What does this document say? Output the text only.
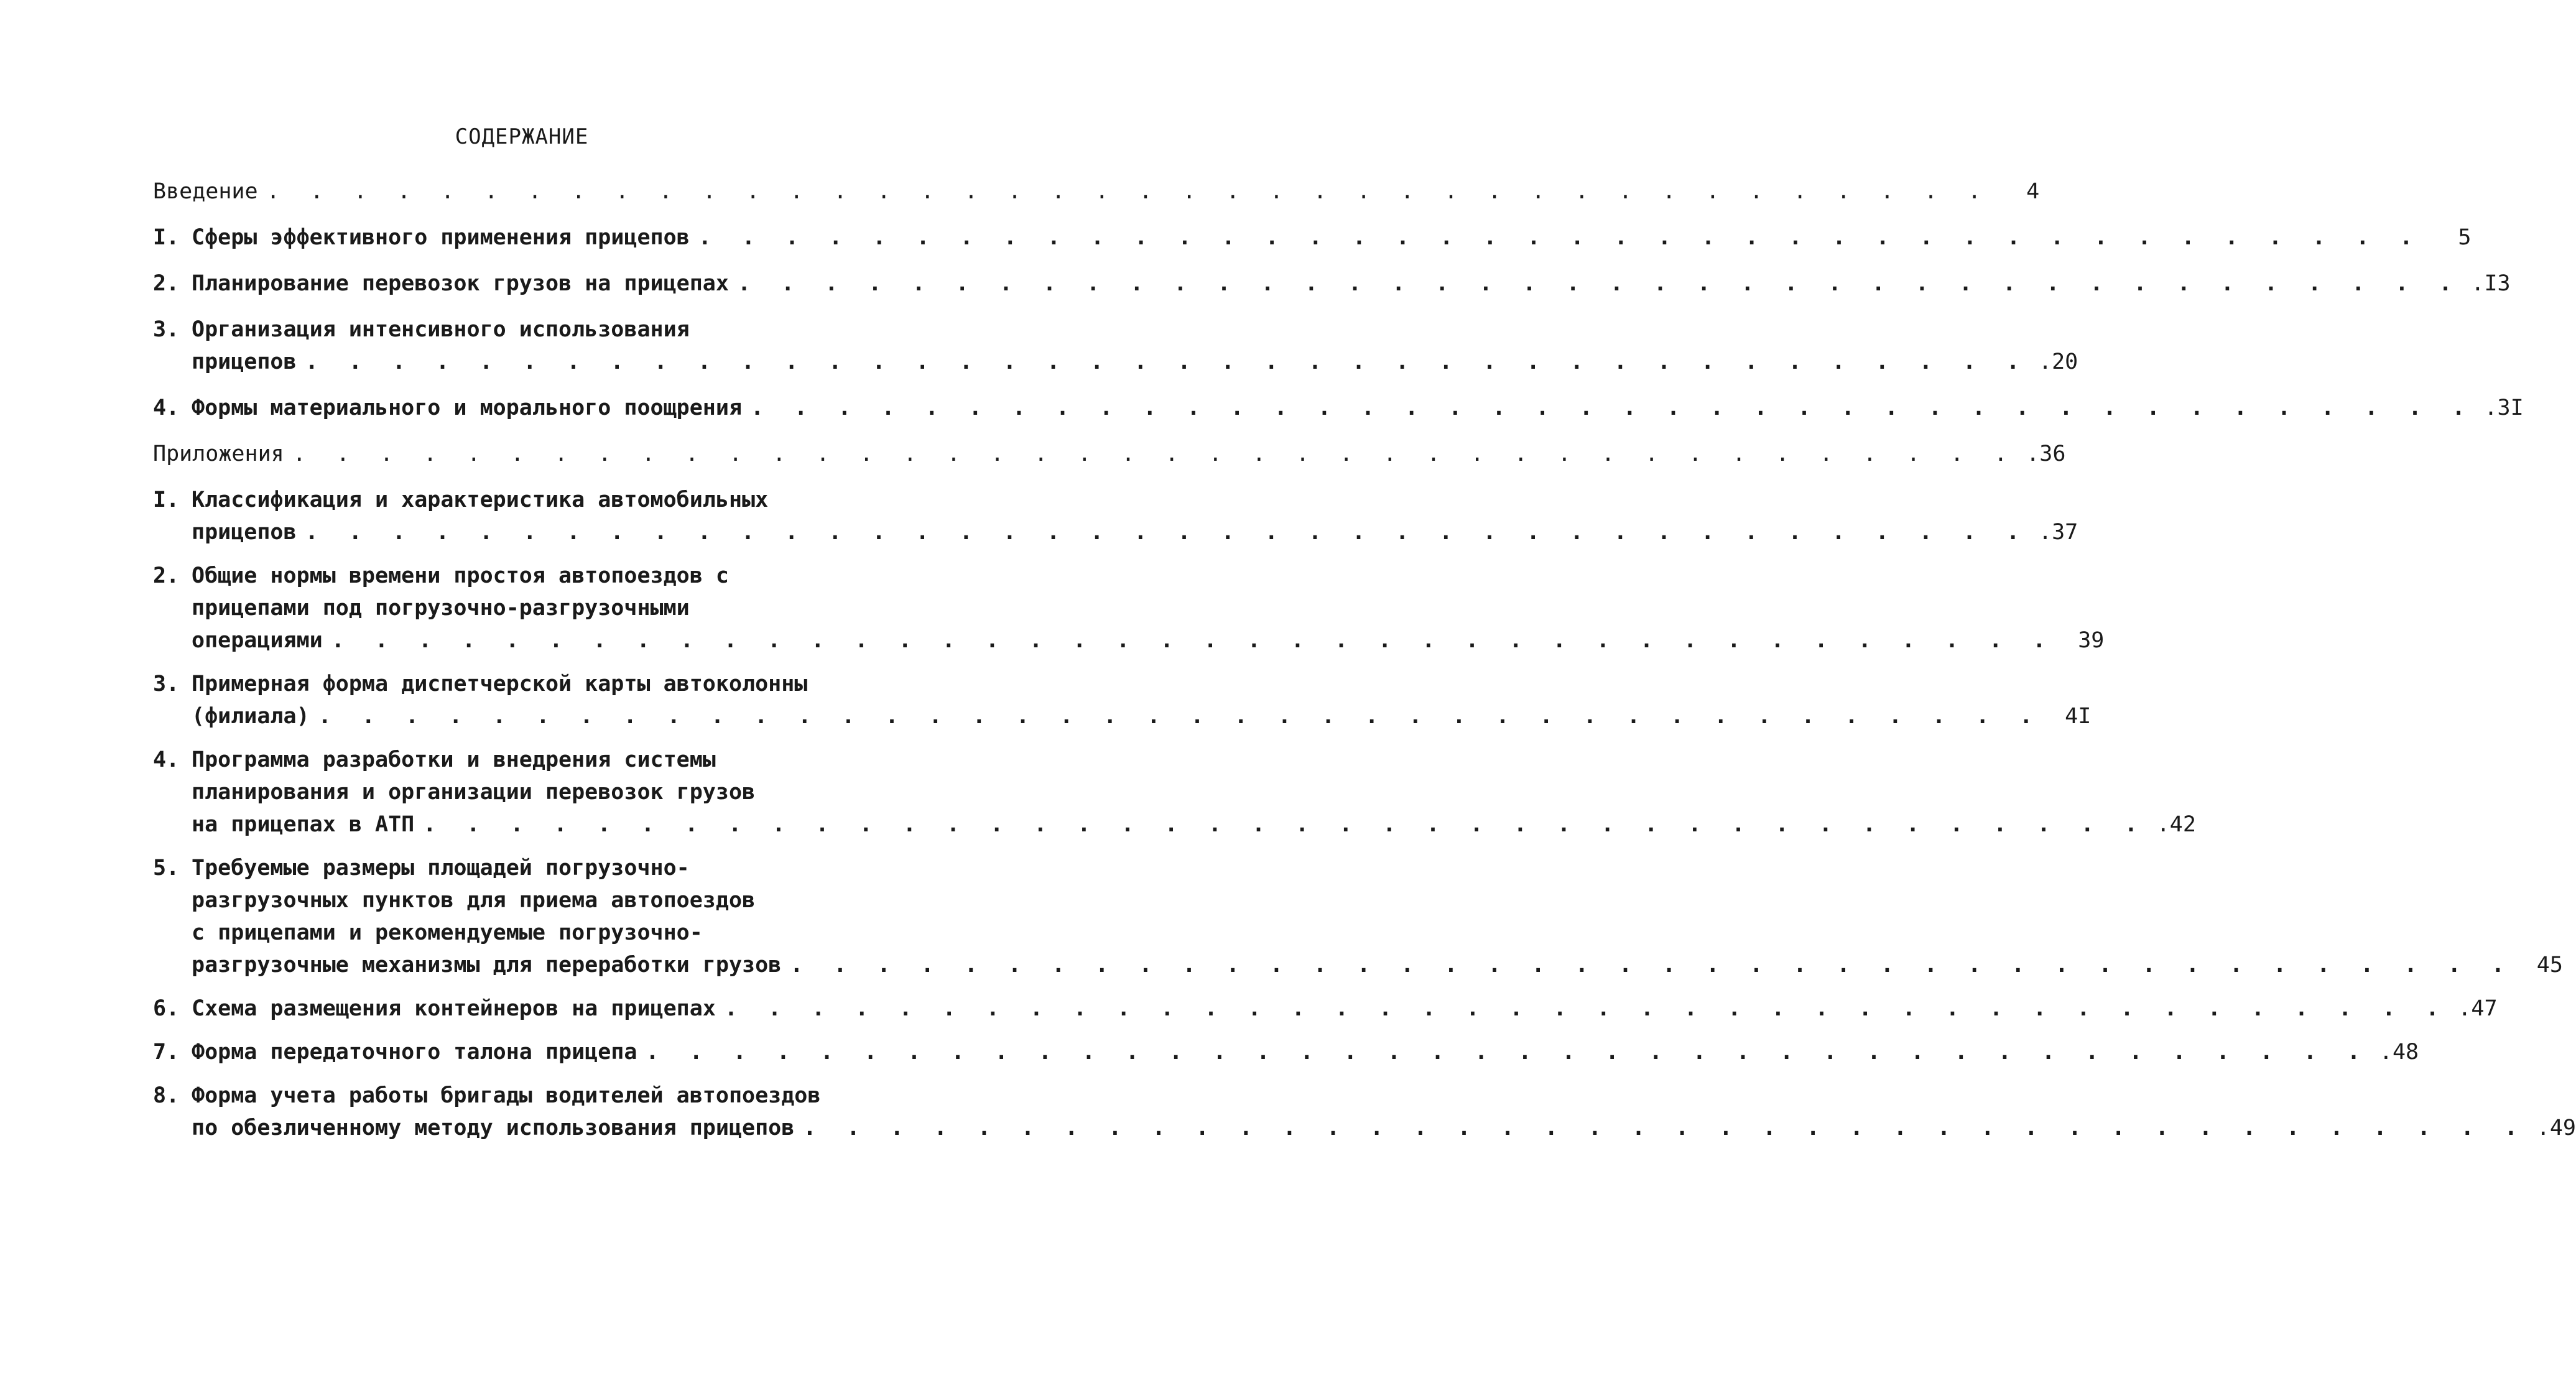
СОДЕРЖАНИЕ
Введение . . . . . . . . . . . . . . . . . . . . . . . . . . . . . . . . . . . . . . . .	4
I. Сферы эффективного применения прицепов . . . . . . . . . . . . . . . . . . . . . . . . . . . . . . . . . . . . . . . .	5
2. Планирование перевозок грузов на прицепах . . . . . . . . . . . . . . . . . . . . . . . . . . . . . . . . . . . . . . . . .I3
3. Организация интенсивного использования
прицепов . . . . . . . . . . . . . . . . . . . . . . . . . . . . . . . . . . . . . . . . .20
4. Формы материального и морального поощрения . . . . . . . . . . . . . . . . . . . . . . . . . . . . . . . . . . . . . . . . .3I
Приложения . . . . . . . . . . . . . . . . . . . . . . . . . . . . . . . . . . . . . . . . .36
I. Классификация и характеристика автомобильных
прицепов . . . . . . . . . . . . . . . . . . . . . . . . . . . . . . . . . . . . . . . . .37
2. Общие нормы времени простоя автопоездов с
прицепами под погрузочно-разгрузочными
операциями . . . . . . . . . . . . . . . . . . . . . . . . . . . . . . . . . . . . . . . .	39
3. Примерная форма диспетчерской карты автоколонны
(филиала) . . . . . . . . . . . . . . . . . . . . . . . . . . . . . . . . . . . . . . . .	4I
4. Программа разработки и внедрения системы
планирования и организации перевозок грузов
на прицепах в АТП . . . . . . . . . . . . . . . . . . . . . . . . . . . . . . . . . . . . . . . . .42
5. Требуемые размеры площадей погрузочно-
разгрузочных пунктов для приема автопоездов
с прицепами и рекомендуемые погрузочно-
разгрузочные механизмы для переработки грузов . . . . . . . . . . . . . . . . . . . . . . . . . . . . . . . . . . . . . . . .	45
6. Схема размещения контейнеров на прицепах . . . . . . . . . . . . . . . . . . . . . . . . . . . . . . . . . . . . . . . . .47
7. Форма передаточного талона прицепа . . . . . . . . . . . . . . . . . . . . . . . . . . . . . . . . . . . . . . . . .48
8. Форма учета работы бригады водителей автопоездов
по обезличенному методу использования прицепов . . . . . . . . . . . . . . . . . . . . . . . . . . . . . . . . . . . . . . . . .49
